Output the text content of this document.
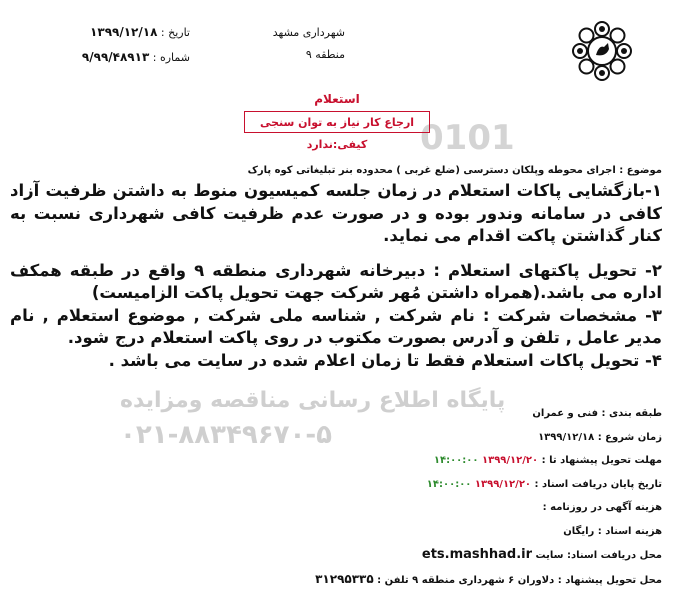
0101
پایگاه اطلاع رسانی مناقصه ومزایده
۰۲۱-۸۸۳۴۹۶۷۰-۵
شهرداری مشهد
منطقه ۹
تاریخ : ۱۳۹۹/۱۲/۱۸
شماره : ۹/۹۹/۴۸۹۱۳
استعلام
ارجاع کار نیاز به توان سنجی کیفی:ندارد
موضوع : اجرای محوطه وپلکان دسترسی (ضلع غربی ) محدوده بنر تبلیغاتی کوه پارک

۱-بازگشایی پاکات استعلام در زمان جلسه کمیسیون منوط به داشتن ظرفیت آزاد کافی در سامانه وندور بوده و در صورت عدم ظرفیت کافی شهرداری نسبت به کنار گذاشتن پاکت اقدام می نماید.

۲- تحویل پاکتهای استعلام : دبیرخانه شهرداری منطقه ۹ واقع در طبقه همکف اداره می باشد.(همراه داشتن مُهر شرکت جهت تحویل پاکت الزامیست)

۳- مشخصات شرکت : نام شرکت , شناسه ملی شرکت , موضوع استعلام , نام مدیر عامل , تلفن و آدرس بصورت مکتوب در روی پاکت استعلام درج شود.

۴- تحویل پاکات استعلام فقط تا زمان اعلام شده در سایت می باشد .

طبقه بندی : فنی و عمران
زمان شروع : ۱۳۹۹/۱۲/۱۸
مهلت تحویل پیشنهاد تا : ۱۳۹۹/۱۲/۲۰ ۱۴:۰۰:۰۰
تاریخ پایان دریافت اسناد : ۱۳۹۹/۱۲/۲۰ ۱۴:۰۰:۰۰
هزینه آگهی در روزنامه :
هزینه اسناد : رایگان
محل دریافت اسناد: سایت ets.mashhad.ir
محل تحویل پیشنهاد : دلاوران ۶ شهرداری منطقه ۹ تلفن : ۳۱۲۹۵۳۳۵
